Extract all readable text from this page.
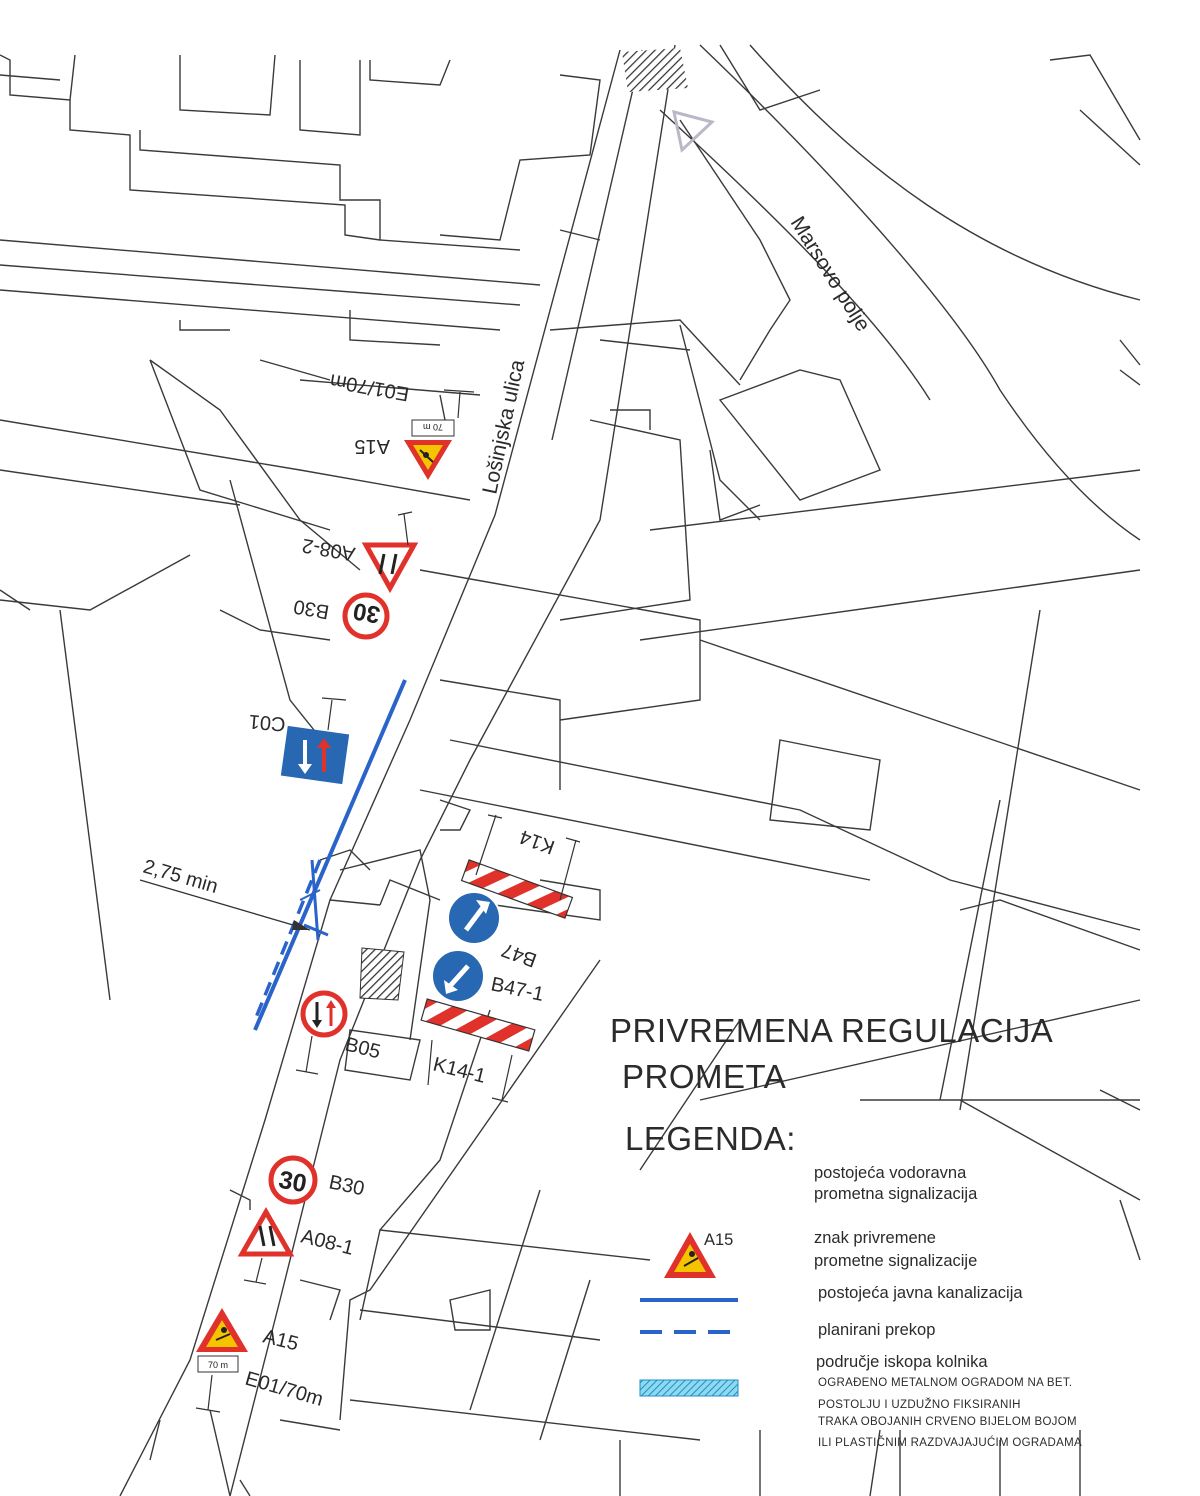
2,75 min
Lošinjska ulica
Marsovo polje
70 m
A15
E01/70m
A08-2
30
B30
C01
K14
B47
B47-1
K14-1
B05
30 B30
A08-1
70 m
A15
E01/70m
PRIVREMENA REGULACIJA
PROMETA
LEGENDA:
postojeća vodoravna
prometna signalizacija
A15	znak privremene
prometne signalizacije
postojeća javna kanalizacija
planirani prekop
područje iskopa kolnika
OGRAĐENO METALNOM OGRADOM NA BET.
POSTOLJU I UZDUŽNO FIKSIRANIH
TRAKA OBOJANIH CRVENO BIJELOM BOJOM
ILI PLASTIČNIM RAZDVAJAJUĆIM OGRADAMA
